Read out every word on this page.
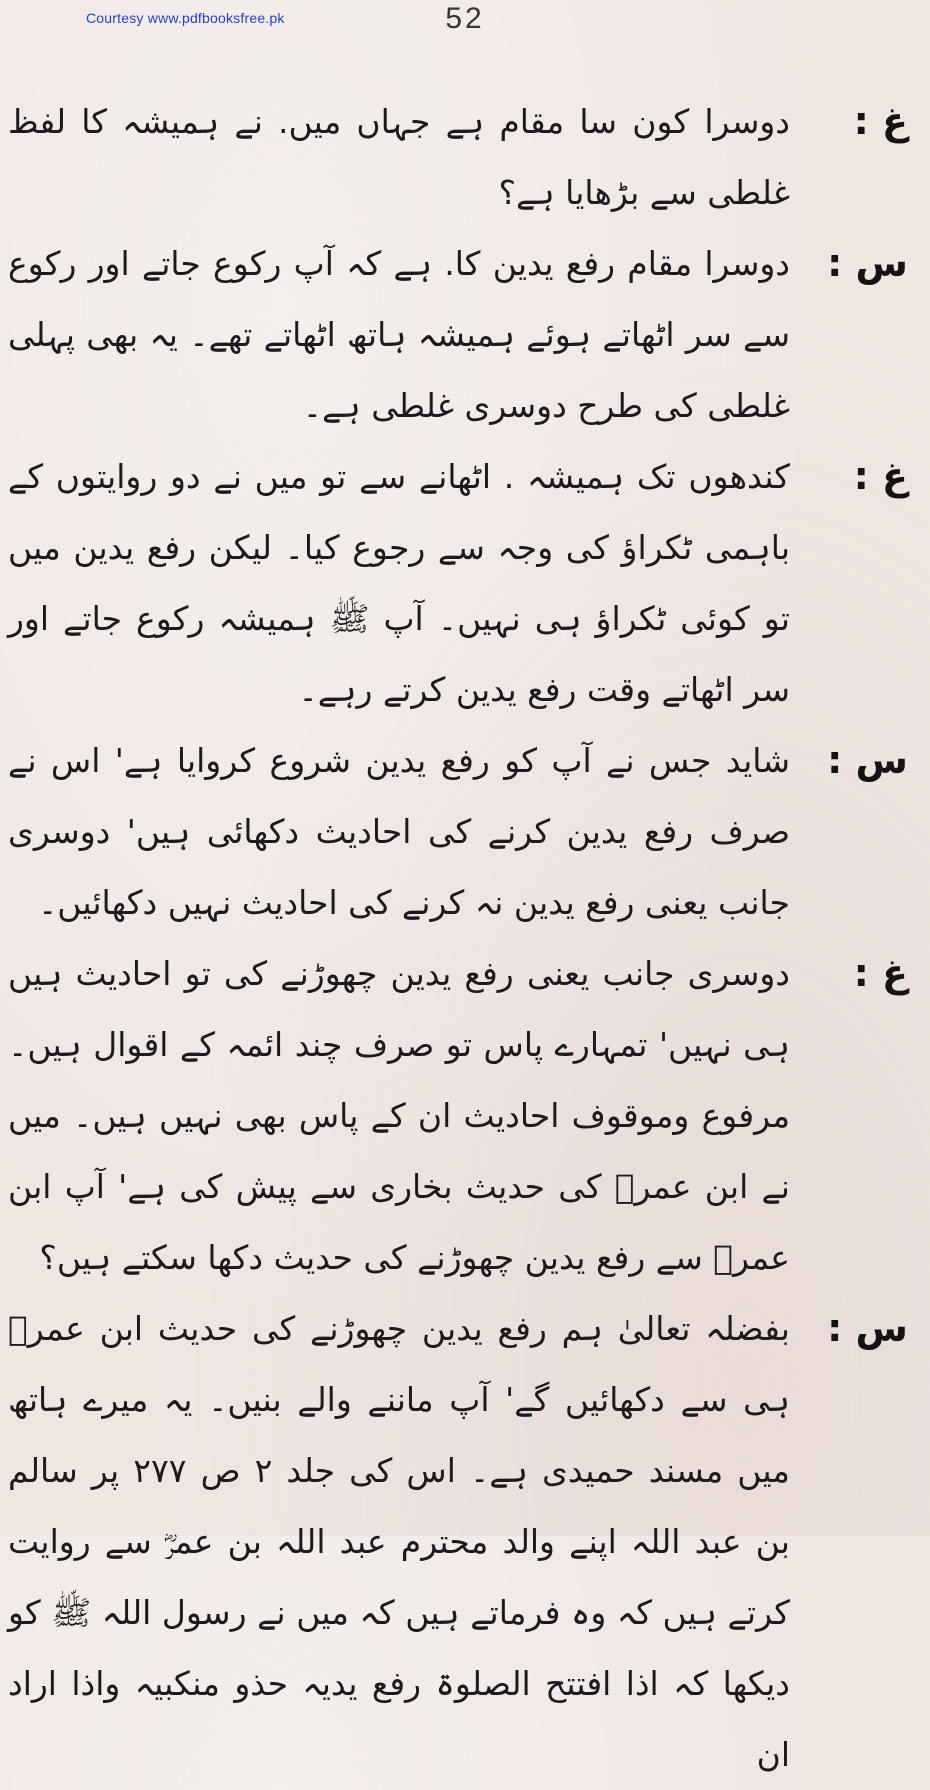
Courtesy www.pdfbooksfree.pk	52

غ :
دوسرا کون سا مقام ہے جہاں میں. نے ہمیشہ کا لفظ غلطی سے بڑھایا ہے؟

س :
دوسرا مقام رفع یدین کا. ہے کہ آپ رکوع جاتے اور رکوع سے سر اٹھاتے ہوئے ہمیشہ ہاتھ اٹھاتے تھے۔ یہ بھی پہلی غلطی کی طرح دوسری غلطی ہے۔

غ :
کندھوں تک ہمیشہ . اٹھانے سے تو میں نے دو روایتوں کے باہمی ٹکراؤ کی وجہ سے رجوع کیا۔ لیکن رفع یدین میں تو کوئی ٹکراؤ ہی نہیں۔ آپ ﷺ ہمیشہ رکوع جاتے اور سر اٹھاتے وقت رفع یدین کرتے رہے۔

س :
شاید جس نے آپ کو رفع یدین شروع کروایا ہے' اس نے صرف رفع یدین کرنے کی احادیث دکھائی ہیں' دوسری جانب یعنی رفع یدین نہ کرنے کی احادیث نہیں دکھائیں۔

غ :
دوسری جانب یعنی رفع یدین چھوڑنے کی تو احادیث ہیں ہی نہیں' تمہارے پاس تو صرف چند ائمہ کے اقوال ہیں۔ مرفوع وموقوف احادیث ان کے پاس بھی نہیں ہیں۔ میں نے ابن عمرؓ کی حدیث بخاری سے پیش کی ہے' آپ ابن عمرؓ سے رفع یدین چھوڑنے کی حدیث دکھا سکتے ہیں؟

س :
بفضلہ تعالیٰ ہم رفع یدین چھوڑنے کی حدیث ابن عمرؓ ہی سے دکھائیں گے' آپ ماننے والے بنیں۔ یہ میرے ہاتھ میں مسند حمیدی ہے۔ اس کی جلد ۲ ص ۲۷۷ پر سالم بن عبد اللہ اپنے والد محترم عبد اللہ بن عمرؓ سے روایت کرتے ہیں کہ وہ فرماتے ہیں کہ میں نے رسول اللہ ﷺ کو دیکھا کہ اذا افتتح الصلوۃ رفع یدیہ حذو منکبیہ واذا اراد ان
